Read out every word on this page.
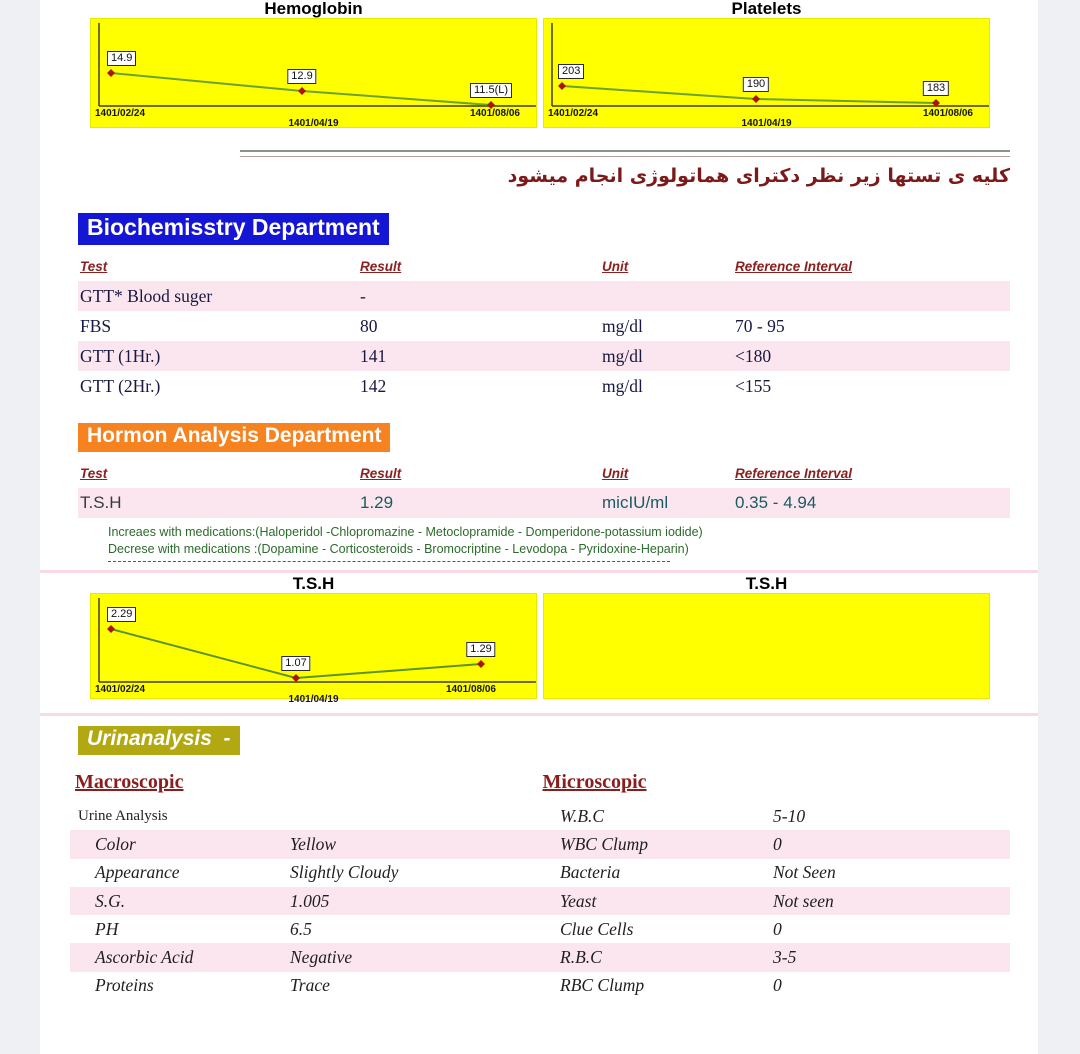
Hemoglobin
14.9
12.9
11.5(L)
1401/02/24
1401/04/19
1401/08/06
Platelets
203
190	183
1401/02/24
1401/04/19
1401/08/06
کلیه ی تستها زیر نظر دکترای هماتولوژی انجام میشود
Biochemisstry Department
Test	Result	Unit	Reference Interval
GTT* Blood suger	-		
FBS	80	mg/dl	70 - 95
GTT (1Hr.)	141	mg/dl	<180
GTT (2Hr.)	142	mg/dl	<155
Hormon Analysis Department
Test	Result	Unit	Reference Interval
T.S.H	1.29	micIU/ml	0.35 - 4.94
Increaes with medications:(Haloperidol -Chlopromazine - Metoclopramide - Domperidone-potassium iodide)
Decrese with medications :(Dopamine - Corticosteroids - Bromocriptine - Levodopa - Pyridoxine-Heparin)
T.S.H
2.29
1.07
1.29
1401/02/24
1401/04/19
1401/08/06
T.S.H
Urinanalysis  -
Macroscopic	Microscopic
Urine Analysis		W.B.C	5-10
Color	Yellow	WBC Clump	0
Appearance	Slightly Cloudy	Bacteria	Not Seen
S.G.	1.005	Yeast	Not seen
PH	6.5	Clue Cells	0
Ascorbic Acid	Negative	R.B.C	3-5
Proteins	Trace	RBC Clump	0
